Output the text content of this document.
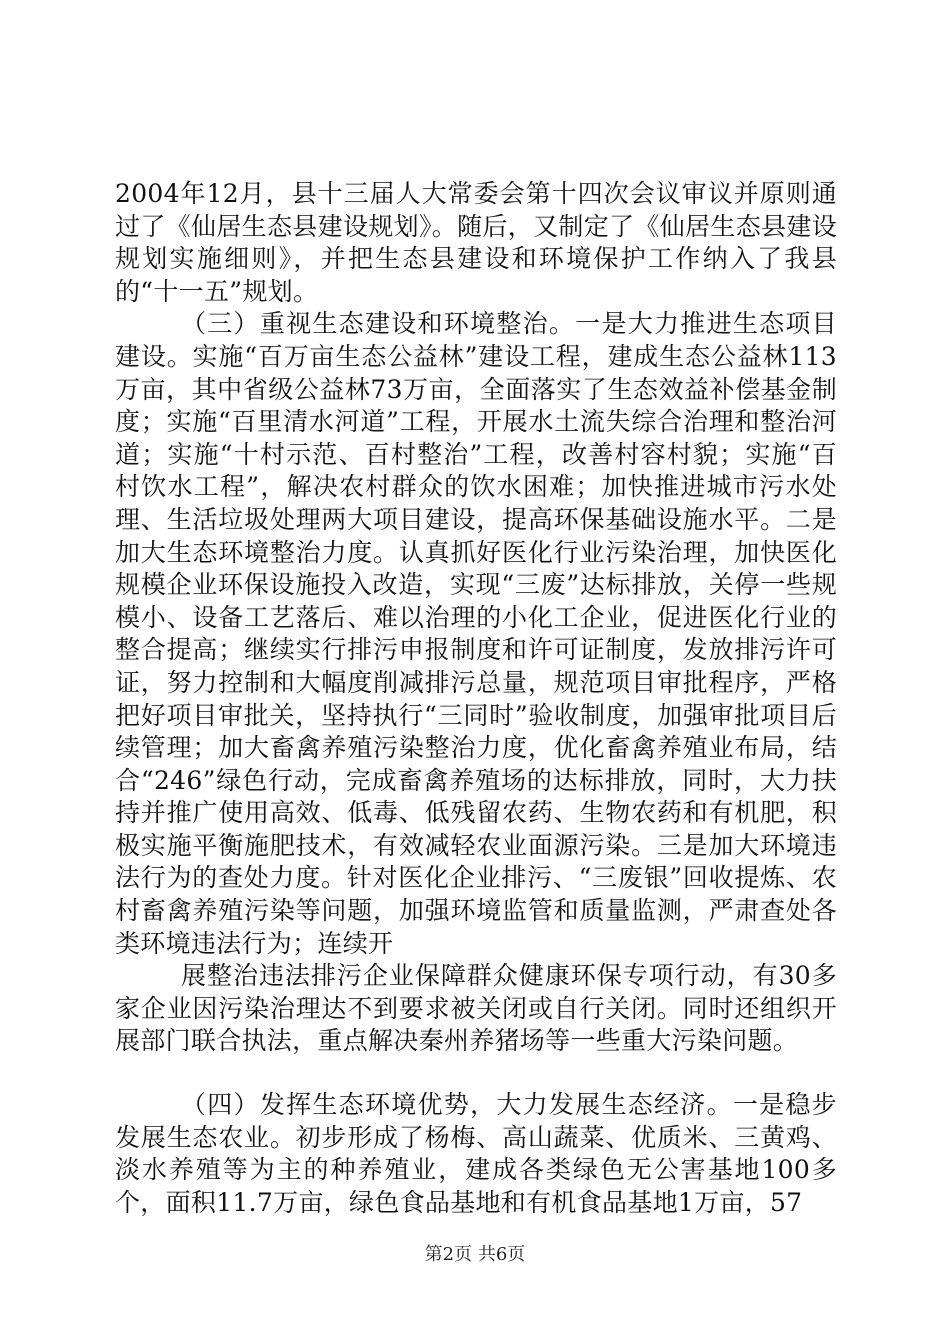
2004年12月，县十三届人大常委会第十四次会议审议并原则通过了《仙居生态县建设规划》。随后，又制定了《仙居生态县建设规划实施细则》，并把生态县建设和环境保护工作纳入了我县的“十一五”规划。

（三）重视生态建设和环境整治。一是大力推进生态项目建设。实施“百万亩生态公益林”建设工程，建成生态公益林113万亩，其中省级公益林73万亩，全面落实了生态效益补偿基金制度；实施“百里清水河道”工程，开展水土流失综合治理和整治河道；实施“十村示范、百村整治”工程，改善村容村貌；实施“百村饮水工程”，解决农村群众的饮水困难；加快推进城市污水处理、生活垃圾处理两大项目建设，提高环保基础设施水平。二是加大生态环境整治力度。认真抓好医化行业污染治理，加快医化规模企业环保设施投入改造，实现“三废”达标排放，关停一些规模小、设备工艺落后、难以治理的小化工企业，促进医化行业的整合提高；继续实行排污申报制度和许可证制度，发放排污许可证，努力控制和大幅度削减排污总量，规范项目审批程序，严格把好项目审批关，坚持执行“三同时”验收制度，加强审批项目后续管理；加大畜禽养殖污染整治力度，优化畜禽养殖业布局，结合“246”绿色行动，完成畜禽养殖场的达标排放，同时，大力扶持并推广使用高效、低毒、低残留农药、生物农药和有机肥，积极实施平衡施肥技术，有效减轻农业面源污染。三是加大环境违法行为的查处力度。针对医化企业排污、“三废银”回收提炼、农村畜禽养殖污染等问题，加强环境监管和质量监测，严肃查处各类环境违法行为；连续开

展整治违法排污企业保障群众健康环保专项行动，有30多家企业因污染治理达不到要求被关闭或自行关闭。同时还组织开展部门联合执法，重点解决秦州养猪场等一些重大污染问题。

（四）发挥生态环境优势，大力发展生态经济。一是稳步发展生态农业。初步形成了杨梅、高山蔬菜、优质米、三黄鸡、淡水养殖等为主的种养殖业，建成各类绿色无公害基地100多个，面积11.7万亩，绿色食品基地和有机食品基地1万亩，57

第2页 共6页
